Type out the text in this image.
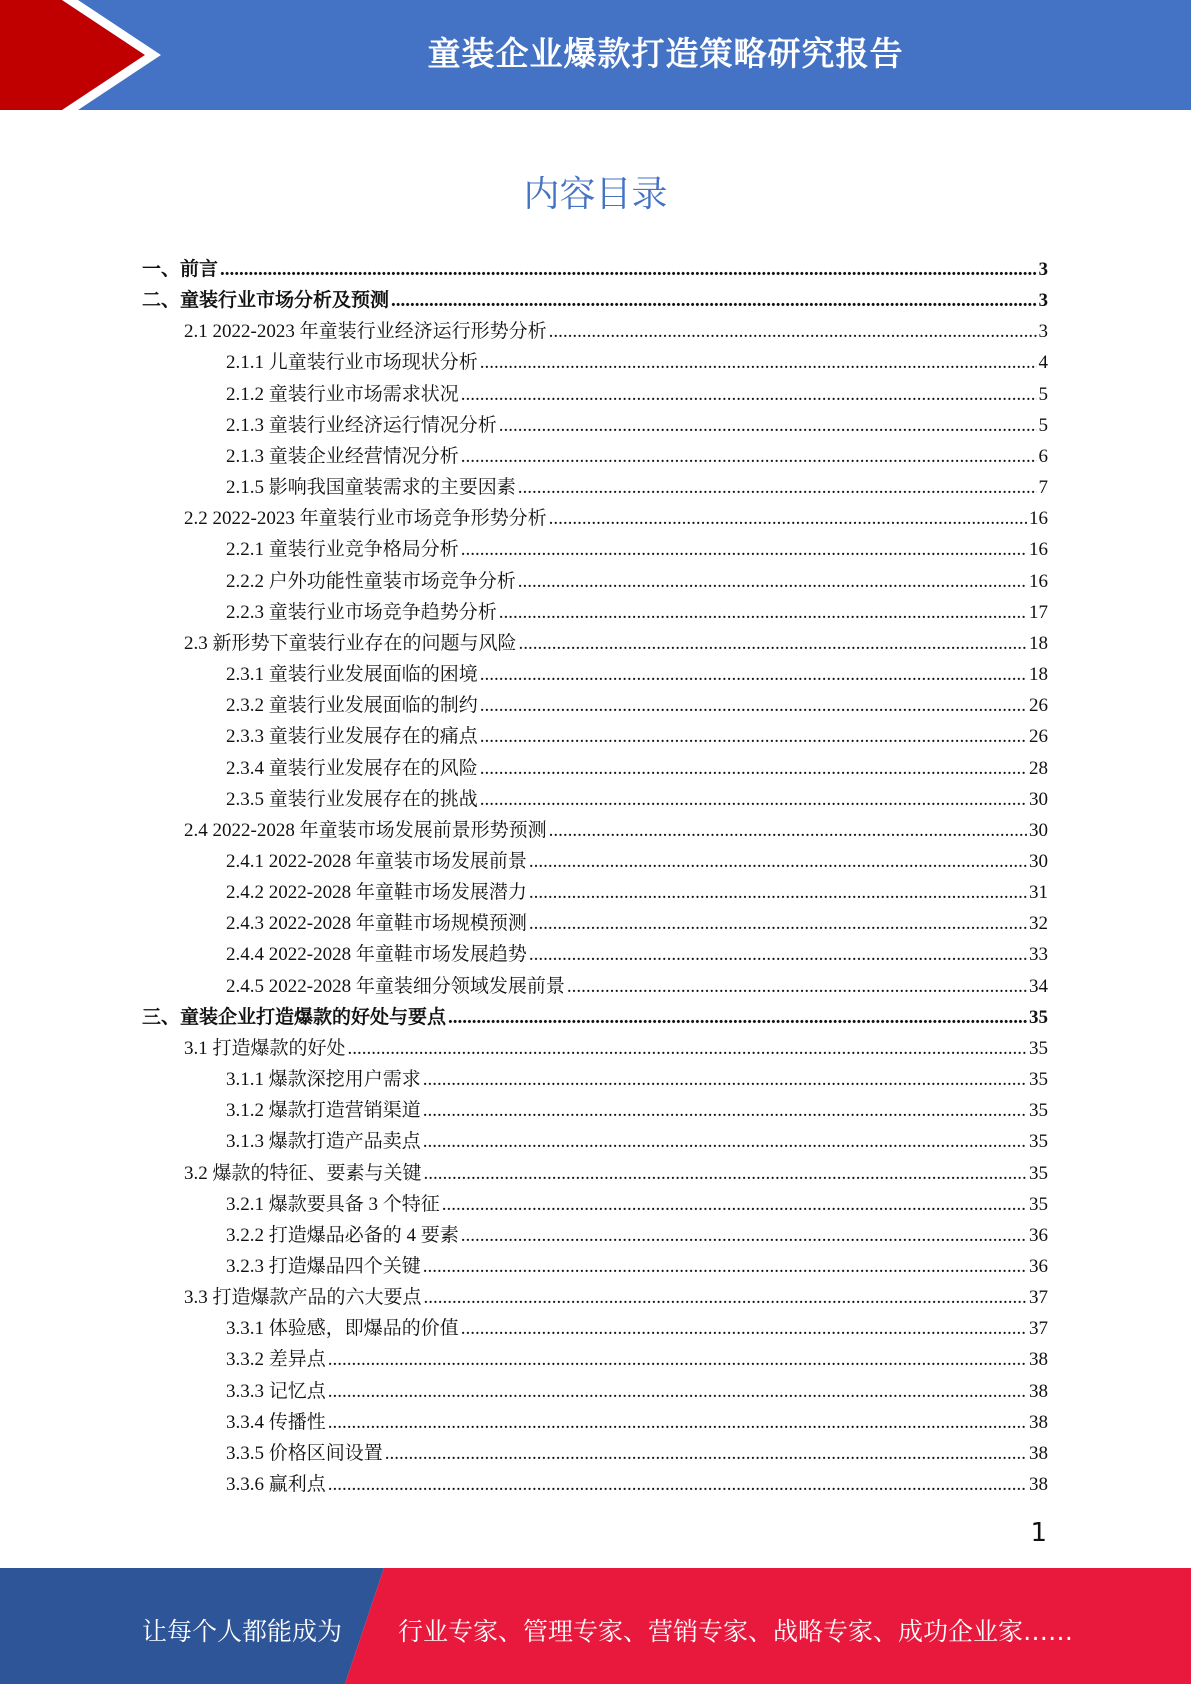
童装企业爆款打造策略研究报告
内容目录
一、前言 .....	3
二、童装行业市场分析及预测 .....	3
2.1 2022-2023 年童装行业经济运行形势分析 .....	3
2.1.1 儿童装行业市场现状分析 .....	4
2.1.2 童装行业市场需求状况 .....	5
2.1.3 童装行业经济运行情况分析 .....	5
2.1.3 童装企业经营情况分析 .....	6
2.1.5 影响我国童装需求的主要因素 .....	7
2.2 2022-2023 年童装行业市场竞争形势分析 .....	16
2.2.1 童装行业竞争格局分析 .....	16
2.2.2 户外功能性童装市场竞争分析 .....	16
2.2.3 童装行业市场竞争趋势分析 .....	17
2.3 新形势下童装行业存在的问题与风险 .....	18
2.3.1 童装行业发展面临的困境 .....	18
2.3.2 童装行业发展面临的制约 .....	26
2.3.3 童装行业发展存在的痛点 .....	26
2.3.4 童装行业发展存在的风险 .....	28
2.3.5 童装行业发展存在的挑战 .....	30
2.4 2022-2028 年童装市场发展前景形势预测 .....	30
2.4.1 2022-2028 年童装市场发展前景 .....	30
2.4.2 2022-2028 年童鞋市场发展潜力 .....	31
2.4.3 2022-2028 年童鞋市场规模预测 .....	32
2.4.4 2022-2028 年童鞋市场发展趋势 .....	33
2.4.5 2022-2028 年童装细分领域发展前景 .....	34
三、童装企业打造爆款的好处与要点 .....	35
3.1 打造爆款的好处 .....	35
3.1.1 爆款深挖用户需求 .....	35
3.1.2 爆款打造营销渠道 .....	35
3.1.3 爆款打造产品卖点 .....	35
3.2 爆款的特征、要素与关键 .....	35
3.2.1 爆款要具备 3 个特征 .....	35
3.2.2 打造爆品必备的 4 要素 .....	36
3.2.3 打造爆品四个关键 .....	36
3.3 打造爆款产品的六大要点 .....	37
3.3.1 体验感，即爆品的价值 .....	37
3.3.2 差异点 .....	38
3.3.3 记忆点 .....	38
3.3.4 传播性 .....	38
3.3.5 价格区间设置 .....	38
3.3.6 赢利点 .....	38
1
让每个人都能成为 行业专家、管理专家、营销专家、战略专家、成功企业家……
